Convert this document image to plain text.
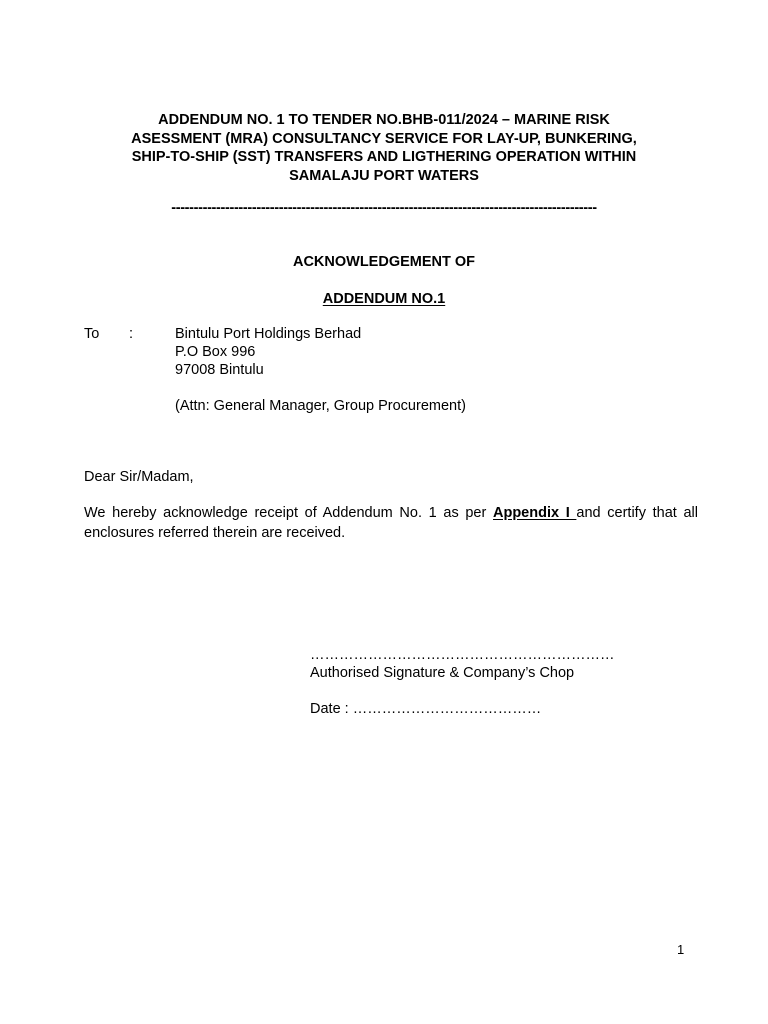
ADDENDUM NO. 1 TO TENDER NO.BHB-011/2024 – MARINE RISK
ASESSMENT (MRA) CONSULTANCY SERVICE FOR LAY-UP, BUNKERING,
SHIP-TO-SHIP (SST) TRANSFERS AND LIGTHERING OPERATION WITHIN
SAMALAJU PORT WATERS
-----------------------------------------------------------------------------------------------
ACKNOWLEDGEMENT OF
ADDENDUM NO.1
To :	Bintulu Port Holdings Berhad
P.O Box 996
97008 Bintulu
(Attn: General Manager, Group Procurement)
Dear Sir/Madam,

We hereby acknowledge receipt of Addendum No. 1 as per Appendix I and certify that all enclosures referred therein are received.

………………………………………………………
Authorised Signature & Company’s Chop
Date : …………………………………
1
